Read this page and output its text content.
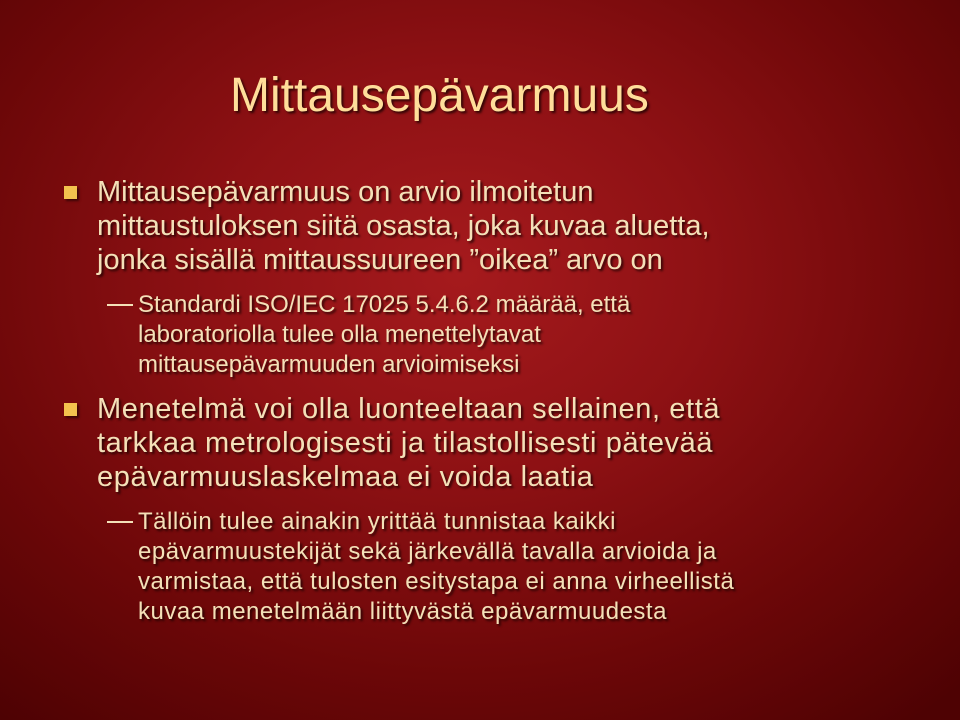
Mittausepävarmuus

Mittausepävarmuus on arvio ilmoitetun
mittaustuloksen siitä osasta, joka kuvaa aluetta,
jonka sisällä mittaussuureen ”oikea” arvo on

Standardi ISO/IEC 17025 5.4.6.2 määrää, että
laboratoriolla tulee olla menettelytavat
mittausepävarmuuden arvioimiseksi

Menetelmä voi olla luonteeltaan sellainen, että
tarkkaa metrologisesti ja tilastollisesti pätevää
epävarmuuslaskelmaa ei voida laatia

Tällöin tulee ainakin yrittää tunnistaa kaikki
epävarmuustekijät sekä järkevällä tavalla arvioida ja
varmistaa, että tulosten esitystapa ei anna virheellistä
kuvaa menetelmään liittyvästä epävarmuudesta
